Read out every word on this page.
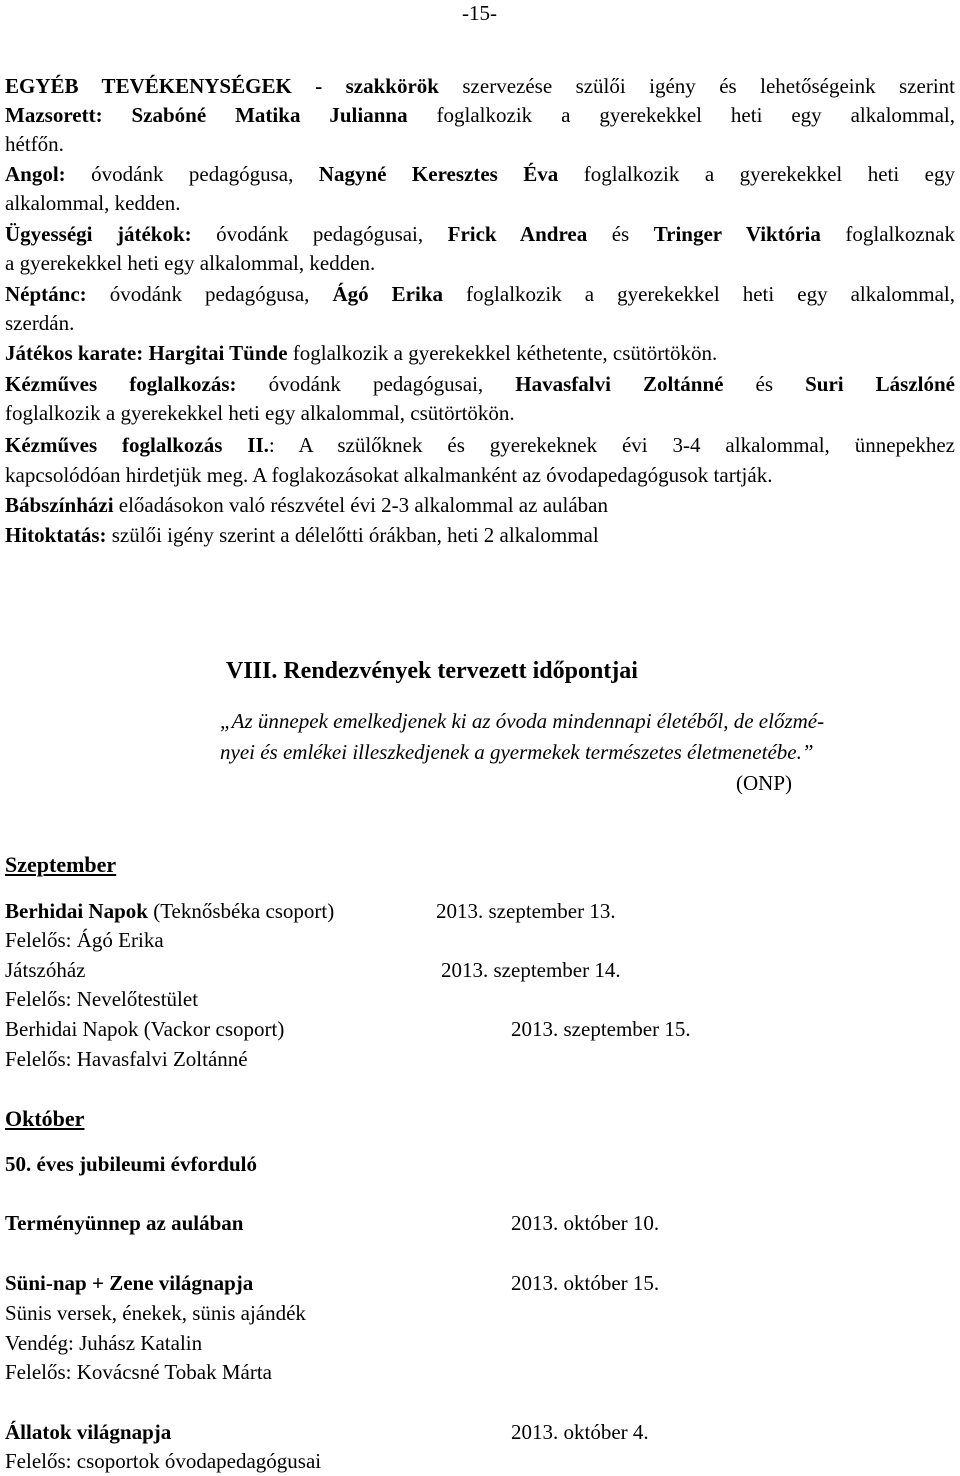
-15-
EGYÉB TEVÉKENYSÉGEK - szakkörök szervezése szülői igény és lehetőségeink szerint
Mazsorett: Szabóné Matika Julianna foglalkozik a gyerekekkel heti egy alkalommal,
hétfőn.
Angol: óvodánk pedagógusa, Nagyné Keresztes Éva foglalkozik a gyerekekkel heti egy
alkalommal, kedden.
Ügyességi játékok: óvodánk pedagógusai, Frick Andrea és Tringer Viktória foglalkoznak
a gyerekekkel heti egy alkalommal, kedden.
Néptánc: óvodánk pedagógusa, Ágó Erika foglalkozik a gyerekekkel heti egy alkalommal,
szerdán.
Játékos karate: Hargitai Tünde foglalkozik a gyerekekkel kéthetente, csütörtökön.
Kézműves foglalkozás: óvodánk pedagógusai, Havasfalvi Zoltánné és Suri Lászlóné
foglalkozik a gyerekekkel heti egy alkalommal, csütörtökön.
Kézműves foglalkozás II.: A szülőknek és gyerekeknek évi 3-4 alkalommal, ünnepekhez
kapcsolódóan hirdetjük meg. A foglakozásokat alkalmanként az óvodapedagógusok tartják.
Bábszínházi előadásokon való részvétel évi 2-3 alkalommal az aulában
Hitoktatás: szülői igény szerint a délelőtti órákban, heti 2 alkalommal
VIII. Rendezvények tervezett időpontjai
„Az ünnepek emelkedjenek ki az óvoda mindennapi életéből, de előzmé-
nyei és emlékei illeszkedjenek a gyermekek természetes életmenetébe.”
(ONP)
Szeptember
Berhidai Napok (Teknősbéka csoport)	2013. szeptember 13.
Felelős: Ágó Erika
Játszóház	2013. szeptember 14.
Felelős: Nevelőtestület
Berhidai Napok (Vackor csoport)	2013. szeptember 15.
Felelős: Havasfalvi Zoltánné
Október
50. éves jubileumi évforduló
Terményünnep az aulában	2013. október 10.
Süni-nap + Zene világnapja	2013. október 15.
Sünis versek, énekek, sünis ajándék
Vendég: Juhász Katalin
Felelős: Kovácsné Tobak Márta
Állatok világnapja	2013. október 4.
Felelős: csoportok óvodapedagógusai
